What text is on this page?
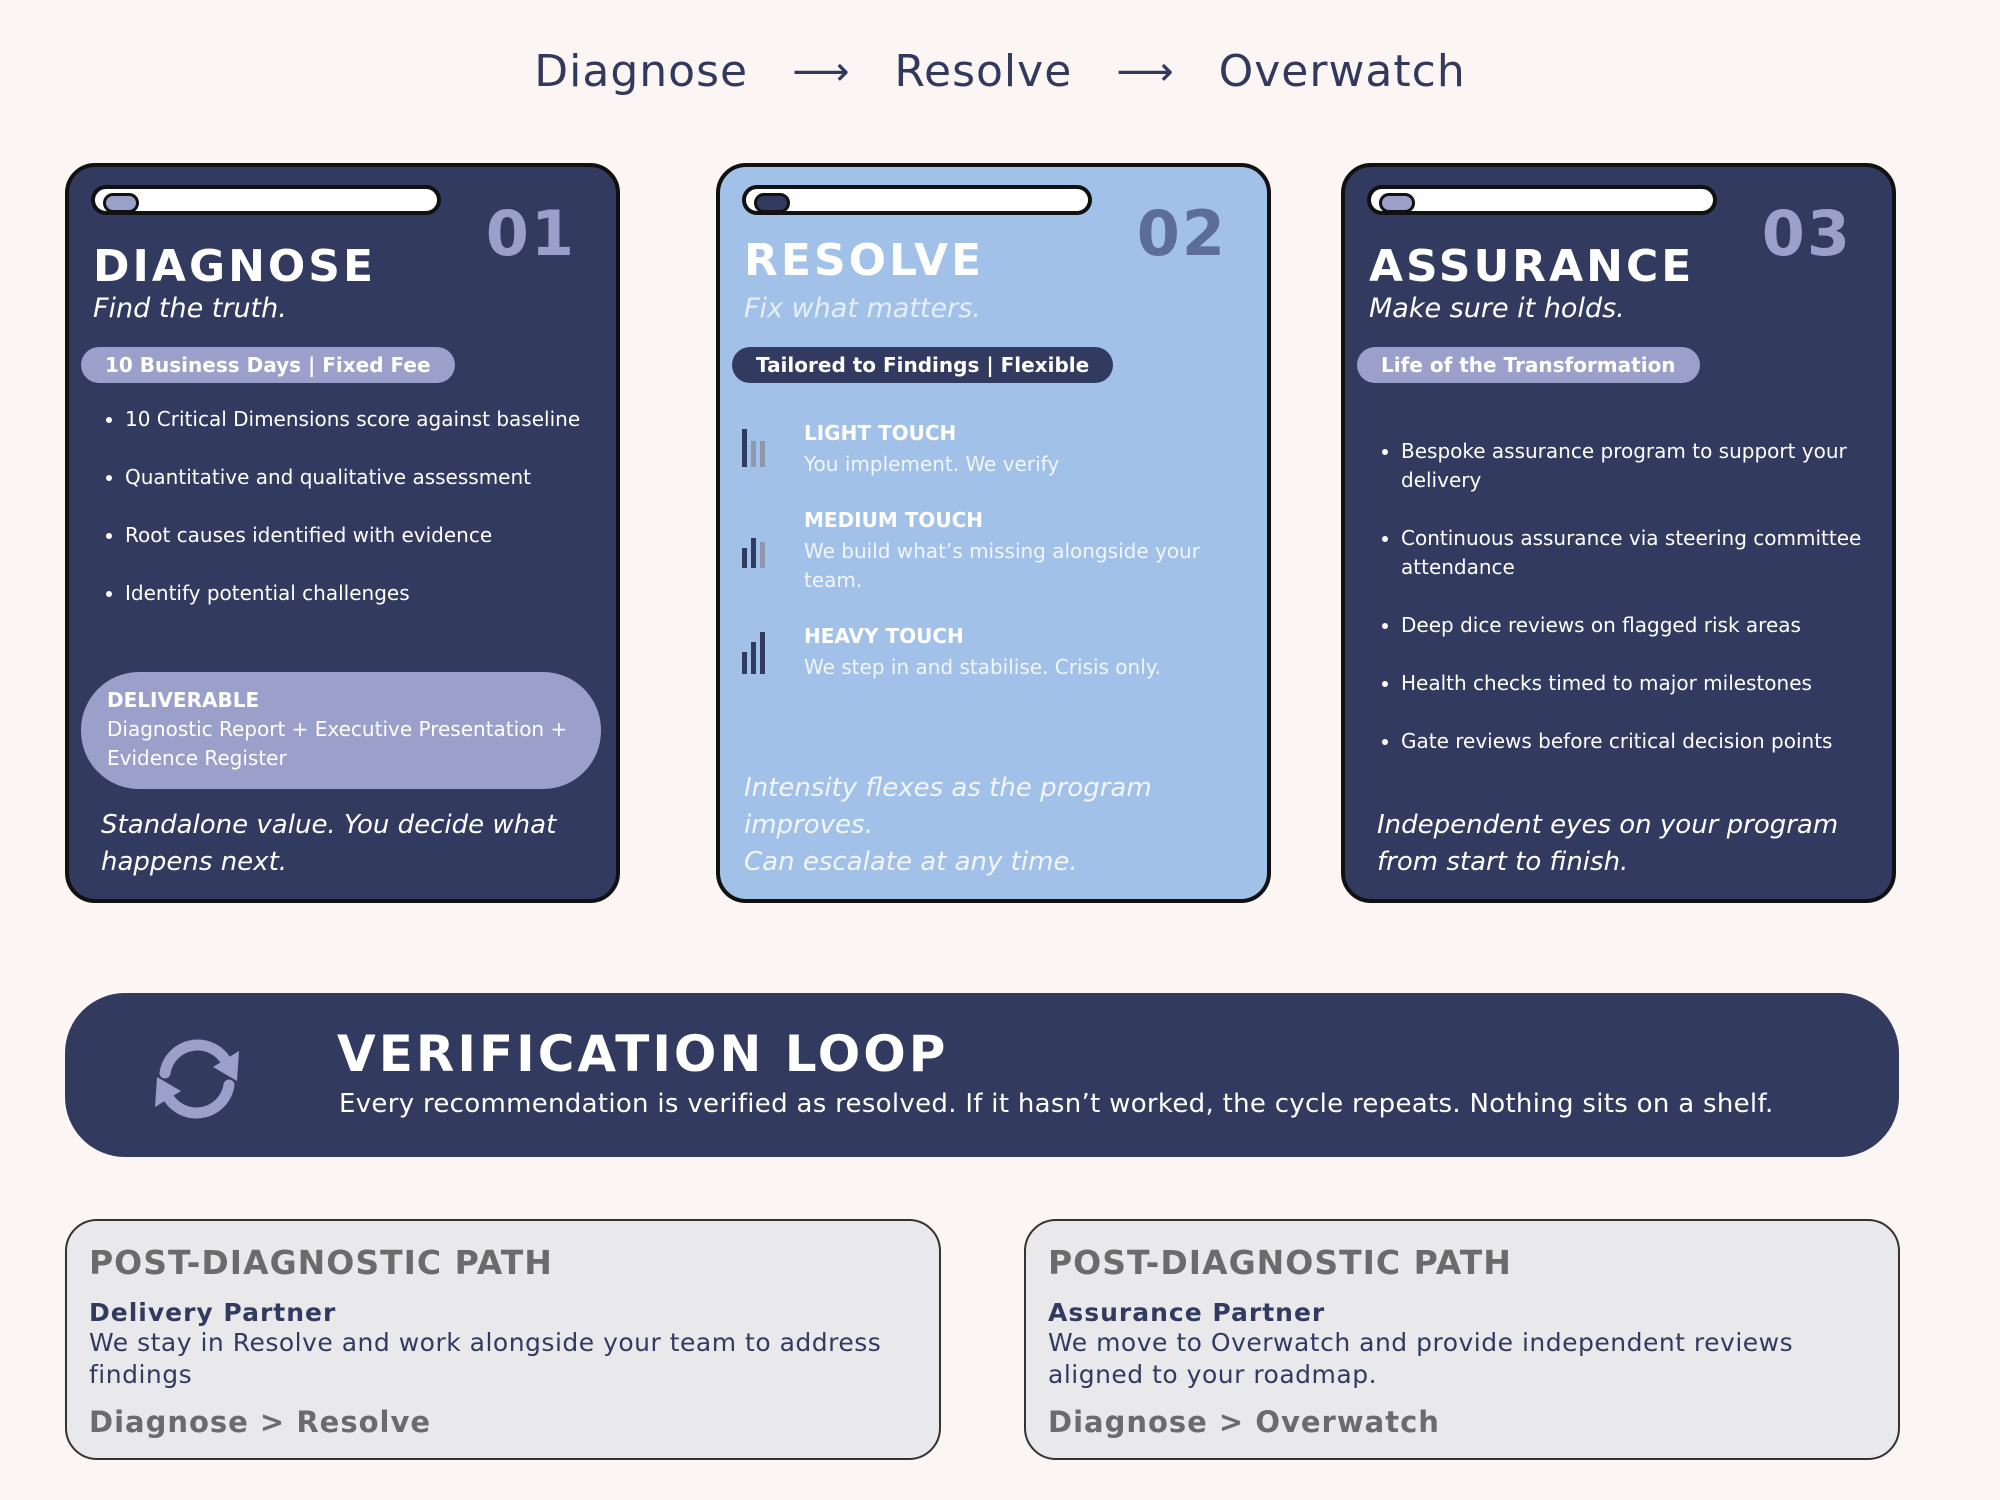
Diagnose ⟶ Resolve ⟶ Overwatch
01
DIAGNOSE
Find the truth.
10 Business Days | Fixed Fee
• 10 Critical Dimensions score against baseline
• Quantitative and qualitative assessment
• Root causes identified with evidence
• Identify potential challenges
DELIVERABLE
Diagnostic Report + Executive Presentation + Evidence Register
Standalone value. You decide what happens next.
02
RESOLVE
Fix what matters.
Tailored to Findings | Flexible
LIGHT TOUCH
You implement. We verify
MEDIUM TOUCH
We build what’s missing alongside your team.
HEAVY TOUCH
We step in and stabilise. Crisis only.
Intensity flexes as the program improves.
Can escalate at any time.
03
ASSURANCE
Make sure it holds.
Life of the Transformation
• Bespoke assurance program to support your delivery
• Continuous assurance via steering committee attendance
• Deep dice reviews on flagged risk areas
• Health checks timed to major milestones
• Gate reviews before critical decision points
Independent eyes on your program from start to finish.
VERIFICATION LOOP
Every recommendation is verified as resolved. If it hasn’t worked, the cycle repeats. Nothing sits on a shelf.
POST-DIAGNOSTIC PATH
Delivery Partner
We stay in Resolve and work alongside your team to address findings
Diagnose > Resolve
POST-DIAGNOSTIC PATH
Assurance Partner
We move to Overwatch and provide independent reviews aligned to your roadmap.
Diagnose > Overwatch
